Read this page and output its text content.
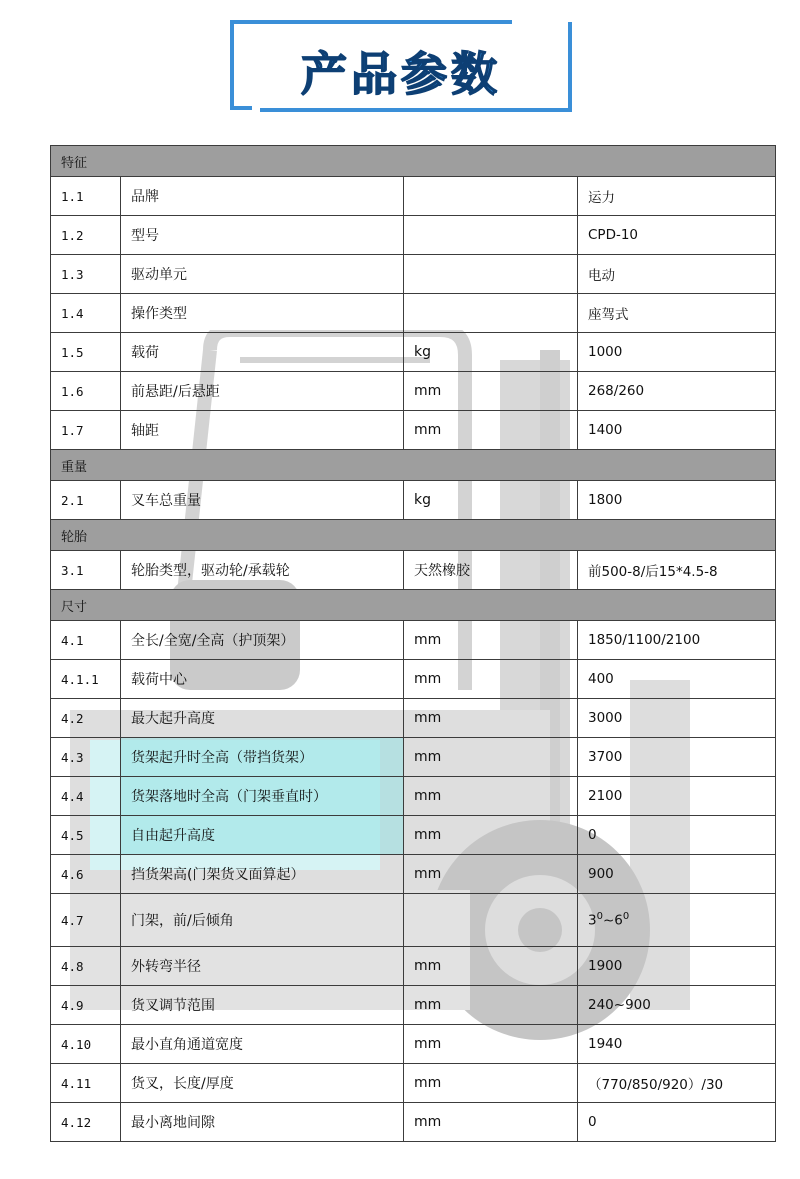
产品参数
特征			
1.1	品牌		运力
1.2	型号		CPD-10
1.3	驱动单元		电动
1.4	操作类型		座驾式
1.5	载荷	kg	1000
1.6	前悬距/后悬距	mm	268/260
1.7	轴距	mm	1400
重量			
2.1	叉车总重量	kg	1800
轮胎			
3.1	轮胎类型，驱动轮/承载轮	天然橡胶	前500-8/后15*4.5-8
尺寸			
4.1	全长/全宽/全高（护顶架）	mm	1850/1100/2100
4.1.1	载荷中心	mm	400
4.2	最大起升高度	mm	3000
4.3	货架起升时全高（带挡货架）	mm	3700
4.4	货架落地时全高（门架垂直时）	mm	2100
4.5	自由起升高度	mm	0
4.6	挡货架高(门架货叉面算起）	mm	900
4.7	门架，前/后倾角		$3^0\sim 6^0$
4.8	外转弯半径	mm	1900
4.9	货叉调节范围	mm	240~900
4.10	最小直角通道宽度	mm	1940
4.11	货叉，长度/厚度	mm	（770/850/920）/30
4.12	最小离地间隙	mm	0
